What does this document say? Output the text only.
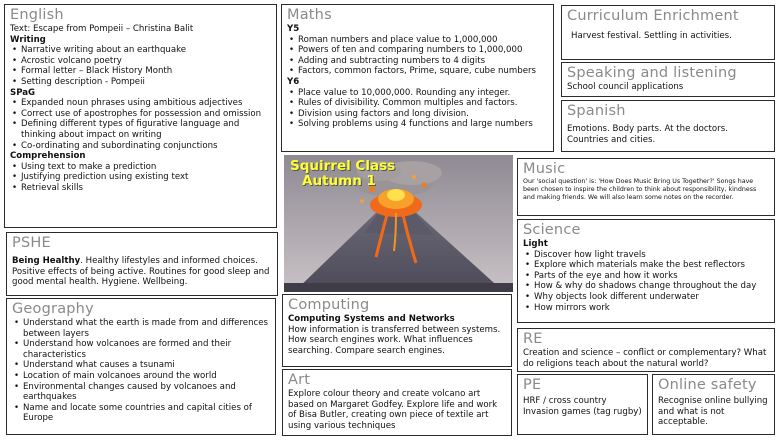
English
Text: Escape from Pompeii – Christina Balit
Writing
• Narrative writing about an earthquake
• Acrostic volcano poetry
• Formal letter – Black History Month
• Setting description - Pompeii
SPaG
• Expanded noun phrases using ambitious adjectives
• Correct use of apostrophes for possession and omission
• Defining different types of figurative language and thinking about impact on writing
• Co-ordinating and subordinating conjunctions
Comprehension
• Using text to make a prediction
• Justifying prediction using existing text
• Retrieval skills
Maths
Y5
• Roman numbers and place value to 1,000,000
• Powers of ten and comparing numbers to 1,000,000
• Adding and subtracting numbers to 4 digits
• Factors, common factors, Prime, square, cube numbers
Y6
• Place value to 10,000,000. Rounding any integer.
• Rules of divisibility. Common multiples and factors.
• Division using factors and long division.
• Solving problems using 4 functions and large numbers
Curriculum Enrichment
Harvest festival. Settling in activities.
Speaking and listening
School council applications
Spanish
Emotions. Body parts. At the doctors. Countries and cities.
Squirrel Class
Autumn 1
Music
Our 'social question' is: 'How Does Music Bring Us Together?' Songs have been chosen to inspire the children to think about responsibility, kindness and making friends. We will also learn some notes on the recorder.
Science
Light
• Discover how light travels
• Explore which materials make the best reflectors
• Parts of the eye and how it works
• How & why do shadows change throughout the day
• Why objects look different underwater
• How mirrors work
PSHE
Being Healthy. Healthy lifestyles and informed choices. Positive effects of being active. Routines for good sleep and good mental health. Hygiene. Wellbeing.
Geography
• Understand what the earth is made from and differences between layers
• Understand how volcanoes are formed and their characteristics
• Understand what causes a tsunami
• Location of main volcanoes around the world
• Environmental changes caused by volcanoes and earthquakes
• Name and locate some countries and capital cities of Europe
Computing
Computing Systems and Networks
How information is transferred between systems. How search engines work. What influences searching. Compare search engines.
RE
Creation and science – conflict or complementary? What do religions teach about the natural world?
Art
Explore colour theory and create volcano art based on Margaret Godfey. Explore life and work of Bisa Butler, creating own piece of textile art using various techniques
PE
HRF / cross country Invasion games (tag rugby)
Online safety
Recognise online bullying and what is not acceptable.
